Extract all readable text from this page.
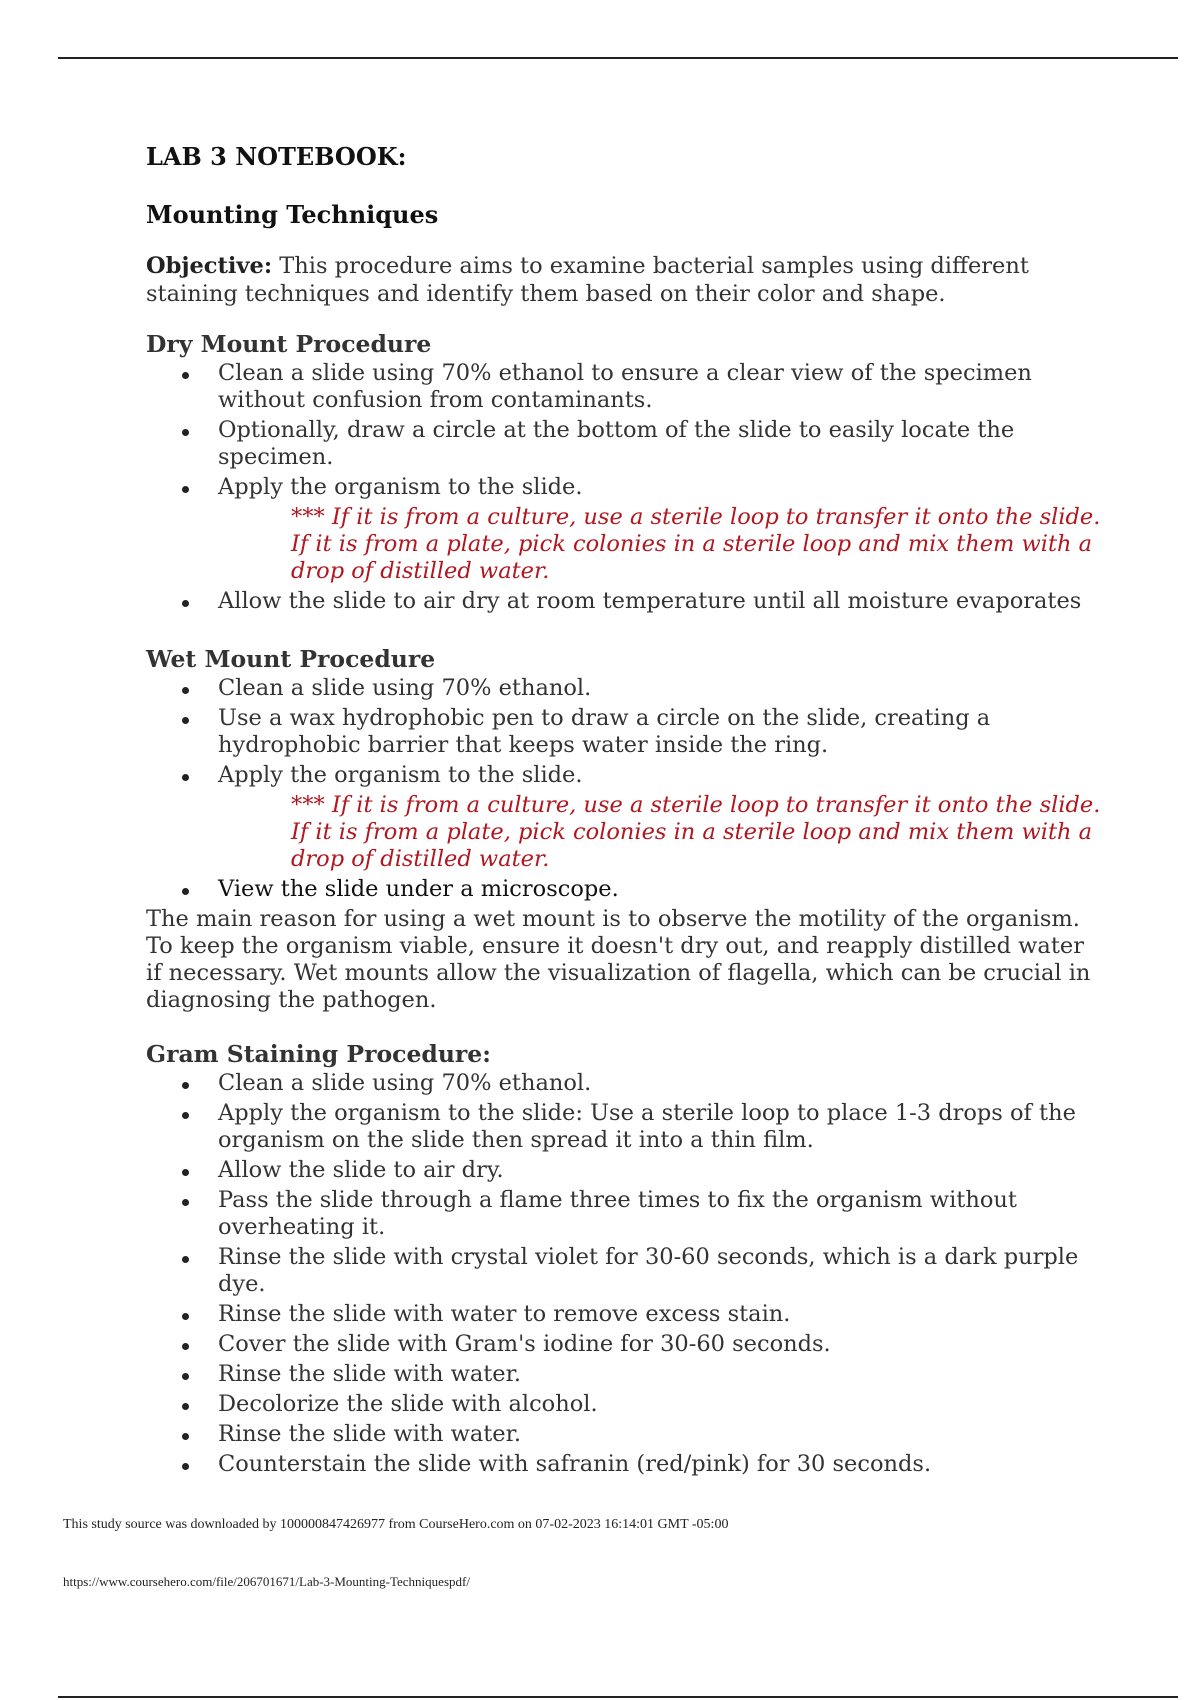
LAB 3 NOTEBOOK:
Mounting Techniques

Objective: This procedure aims to examine bacterial samples using different staining techniques and identify them based on their color and shape.

Dry Mount Procedure
Clean a slide using 70% ethanol to ensure a clear view of the specimen without confusion from contaminants.
Optionally, draw a circle at the bottom of the slide to easily locate the specimen.
Apply the organism to the slide.
*** If it is from a culture, use a sterile loop to transfer it onto the slide. If it is from a plate, pick colonies in a sterile loop and mix them with a drop of distilled water.
Allow the slide to air dry at room temperature until all moisture evaporates
Wet Mount Procedure
Clean a slide using 70% ethanol.
Use a wax hydrophobic pen to draw a circle on the slide, creating a hydrophobic barrier that keeps water inside the ring.
Apply the organism to the slide.
*** If it is from a culture, use a sterile loop to transfer it onto the slide. If it is from a plate, pick colonies in a sterile loop and mix them with a drop of distilled water.
View the slide under a microscope.

The main reason for using a wet mount is to observe the motility of the organism. To keep the organism viable, ensure it doesn't dry out, and reapply distilled water if necessary. Wet mounts allow the visualization of flagella, which can be crucial in diagnosing the pathogen.

Gram Staining Procedure:
Clean a slide using 70% ethanol.
Apply the organism to the slide: Use a sterile loop to place 1-3 drops of the organism on the slide then spread it into a thin film.
Allow the slide to air dry.
Pass the slide through a flame three times to fix the organism without overheating it.
Rinse the slide with crystal violet for 30-60 seconds, which is a dark purple dye.
Rinse the slide with water to remove excess stain.
Cover the slide with Gram's iodine for 30-60 seconds.
Rinse the slide with water.
Decolorize the slide with alcohol.
Rinse the slide with water.
Counterstain the slide with safranin (red/pink) for 30 seconds.
This study source was downloaded by 100000847426977 from CourseHero.com on 07-02-2023 16:14:01 GMT -05:00
https://www.coursehero.com/file/206701671/Lab-3-Mounting-Techniquespdf/
